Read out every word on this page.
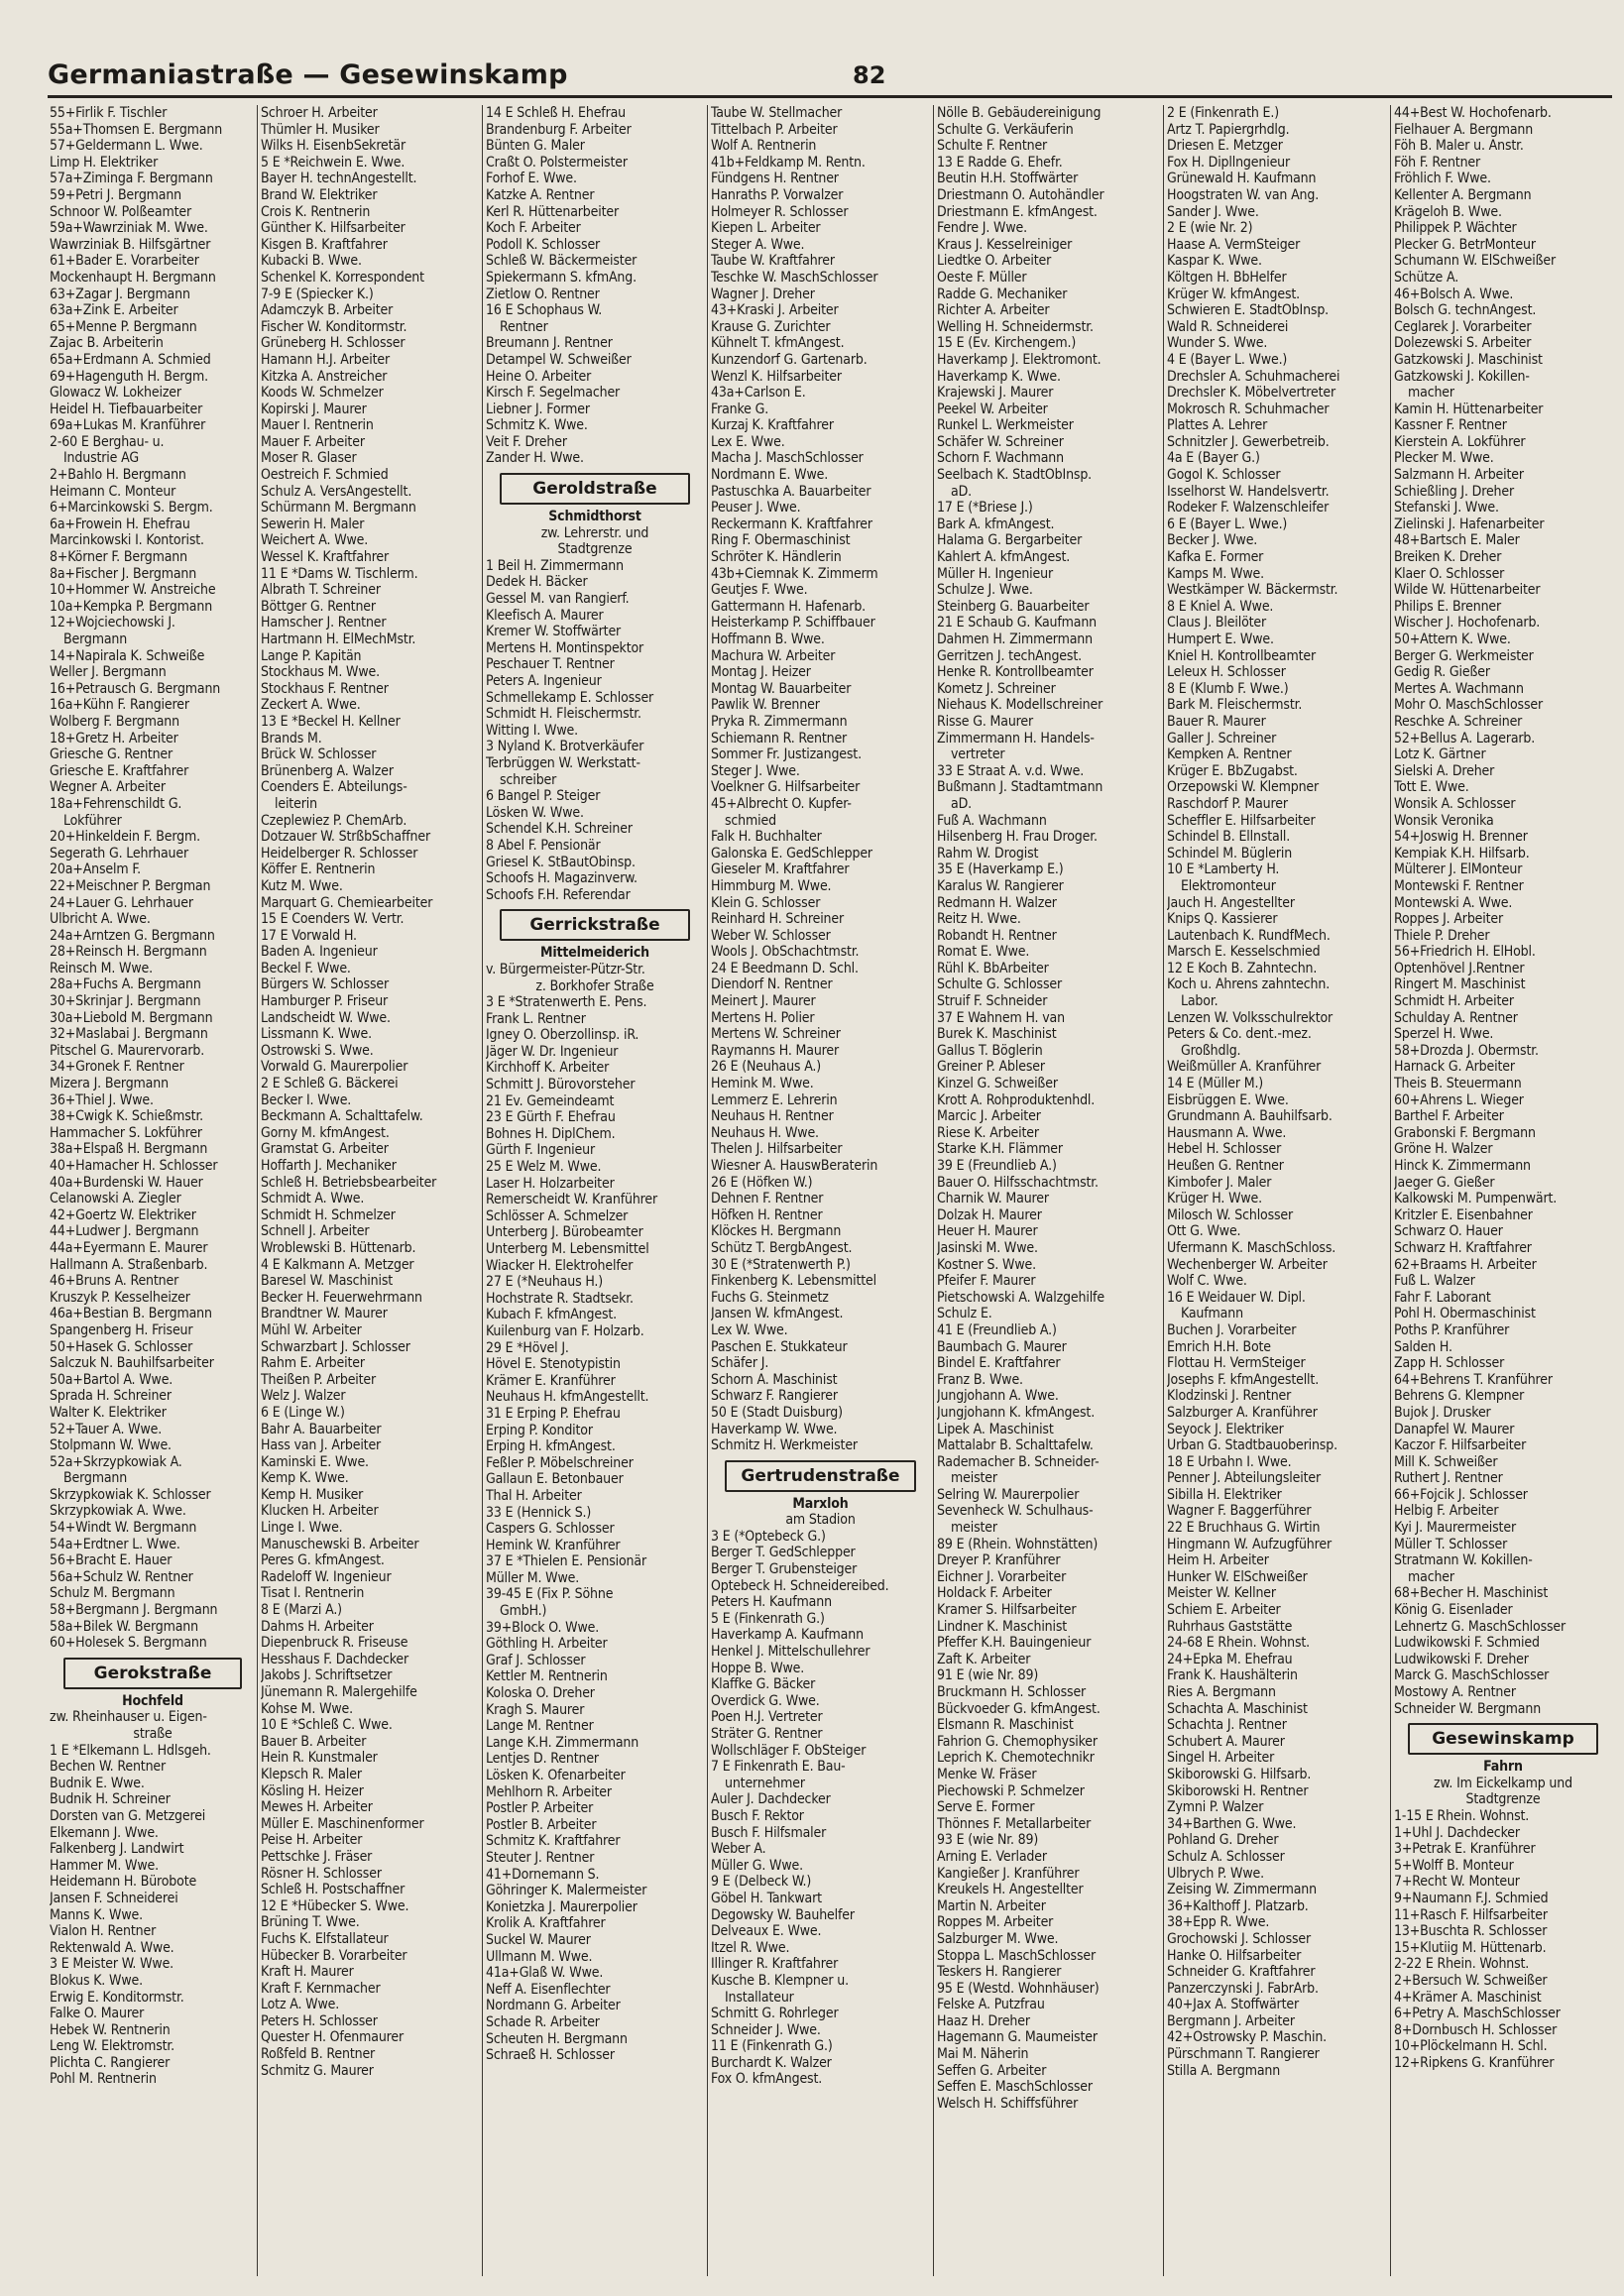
Germaniastraße — Gesewinskamp	82
55+Firlik F. Tischler
55a+Thomsen E. Bergmann
57+Geldermann L. Wwe.
Limp H. Elektriker
57a+Ziminga F. Bergmann
59+Petri J. Bergmann
Schnoor W. Polßeamter
59a+Wawrziniak M. Wwe.
Wawrziniak B. Hilfsgärtner
61+Bader E. Vorarbeiter
Mockenhaupt H. Bergmann
63+Zagar J. Bergmann
63a+Zink E. Arbeiter
65+Menne P. Bergmann
Zajac B. Arbeiterin
65a+Erdmann A. Schmied
69+Hagenguth H. Bergm.
Glowacz W. Lokheizer
Heidel H. Tiefbauarbeiter
69a+Lukas M. Kranführer
2-60 E Berghau- u.
Industrie AG
2+Bahlo H. Bergmann
Heimann C. Monteur
6+Marcinkowski S. Bergm.
6a+Frowein H. Ehefrau
Marcinkowski I. Kontorist.
8+Körner F. Bergmann
8a+Fischer J. Bergmann
10+Hommer W. Anstreiche
10a+Kempka P. Bergmann
12+Wojciechowski J.
Bergmann
14+Napirala K. Schweiße
Weller J. Bergmann
16+Petrausch G. Bergmann
16a+Kühn F. Rangierer
Wolberg F. Bergmann
18+Gretz H. Arbeiter
Griesche G. Rentner
Griesche E. Kraftfahrer
Wegner A. Arbeiter
18a+Fehrenschildt G.
Lokführer
20+Hinkeldein F. Bergm.
Segerath G. Lehrhauer
20a+Anselm F.
22+Meischner P. Bergman
24+Lauer G. Lehrhauer
Ulbricht A. Wwe.
24a+Arntzen G. Bergmann
28+Reinsch H. Bergmann
Reinsch M. Wwe.
28a+Fuchs A. Bergmann
30+Skrinjar J. Bergmann
30a+Liebold M. Bergmann
32+Maslabai J. Bergmann
Pitschel G. Maurervorarb.
34+Gronek F. Rentner
Mizera J. Bergmann
36+Thiel J. Wwe.
38+Cwigk K. Schießmstr.
Hammacher S. Lokführer
38a+Elspaß H. Bergmann
40+Hamacher H. Schlosser
40a+Burdenski W. Hauer
Celanowski A. Ziegler
42+Goertz W. Elektriker
44+Ludwer J. Bergmann
44a+Eyermann E. Maurer
Hallmann A. Straßenbarb.
46+Bruns A. Rentner
Kruszyk P. Kesselheizer
46a+Bestian B. Bergmann
Spangenberg H. Friseur
50+Hasek G. Schlosser
Salczuk N. Bauhilfsarbeiter
50a+Bartol A. Wwe.
Sprada H. Schreiner
Walter K. Elektriker
52+Tauer A. Wwe.
Stolpmann W. Wwe.
52a+Skrzypkowiak A.
Bergmann
Skrzypkowiak K. Schlosser
Skrzypkowiak A. Wwe.
54+Windt W. Bergmann
54a+Erdtner L. Wwe.
56+Bracht E. Hauer
56a+Schulz W. Rentner
Schulz M. Bergmann
58+Bergmann J. Bergmann
58a+Bilek W. Bergmann
60+Holesek S. Bergmann
Gerokstraße
Hochfeld
zw. Rheinhauser u. Eigen-
straße
1 E *Elkemann L. Hdlsgeh.
Bechen W. Rentner
Budnik E. Wwe.
Budnik H. Schreiner
Dorsten van G. Metzgerei
Elkemann J. Wwe.
Falkenberg J. Landwirt
Hammer M. Wwe.
Heidemann H. Bürobote
Jansen F. Schneiderei
Manns K. Wwe.
Vialon H. Rentner
Rektenwald A. Wwe.
3 E Meister W. Wwe.
Blokus K. Wwe.
Erwig E. Konditormstr.
Falke O. Maurer
Hebek W. Rentnerin
Leng W. Elektromstr.
Plichta C. Rangierer
Pohl M. Rentnerin
Schroer H. Arbeiter
Thümler H. Musiker
Wilks H. EisenbSekretär
5 E *Reichwein E. Wwe.
Bayer H. technAngestellt.
Brand W. Elektriker
Crois K. Rentnerin
Günther K. Hilfsarbeiter
Kisgen B. Kraftfahrer
Kubacki B. Wwe.
Schenkel K. Korrespondent
7-9 E (Spiecker K.)
Adamczyk B. Arbeiter
Fischer W. Konditormstr.
Grüneberg H. Schlosser
Hamann H.J. Arbeiter
Kitzka A. Anstreicher
Koods W. Schmelzer
Kopirski J. Maurer
Mauer I. Rentnerin
Mauer F. Arbeiter
Moser R. Glaser
Oestreich F. Schmied
Schulz A. VersAngestellt.
Schürmann M. Bergmann
Sewerin H. Maler
Weichert A. Wwe.
Wessel K. Kraftfahrer
11 E *Dams W. Tischlerm.
Albrath T. Schreiner
Böttger G. Rentner
Hamscher J. Rentner
Hartmann H. ElMechMstr.
Lange P. Kapitän
Stockhaus M. Wwe.
Stockhaus F. Rentner
Zeckert A. Wwe.
13 E *Beckel H. Kellner
Brands M.
Brück W. Schlosser
Brünenberg A. Walzer
Coenders E. Abteilungs-
leiterin
Czeplewiez P. ChemArb.
Dotzauer W. StrßbSchaffner
Heidelberger R. Schlosser
Köffer E. Rentnerin
Kutz M. Wwe.
Marquart G. Chemiearbeiter
15 E Coenders W. Vertr.
17 E Vorwald H.
Baden A. Ingenieur
Beckel F. Wwe.
Bürgers W. Schlosser
Hamburger P. Friseur
Landscheidt W. Wwe.
Lissmann K. Wwe.
Ostrowski S. Wwe.
Vorwald G. Maurerpolier
2 E Schleß G. Bäckerei
Becker I. Wwe.
Beckmann A. Schalttafelw.
Gorny M. kfmAngest.
Gramstat G. Arbeiter
Hoffarth J. Mechaniker
Schleß H. Betriebsbearbeiter
Schmidt A. Wwe.
Schmidt H. Schmelzer
Schnell J. Arbeiter
Wroblewski B. Hüttenarb.
4 E Kalkmann A. Metzger
Baresel W. Maschinist
Becker H. Feuerwehrmann
Brandtner W. Maurer
Mühl W. Arbeiter
Schwarzbart J. Schlosser
Rahm E. Arbeiter
Theißen P. Arbeiter
Welz J. Walzer
6 E (Linge W.)
Bahr A. Bauarbeiter
Hass van J. Arbeiter
Kaminski E. Wwe.
Kemp K. Wwe.
Kemp H. Musiker
Klucken H. Arbeiter
Linge I. Wwe.
Manuschewski B. Arbeiter
Peres G. kfmAngest.
Radeloff W. Ingenieur
Tisat I. Rentnerin
8 E (Marzi A.)
Dahms H. Arbeiter
Diepenbruck R. Friseuse
Hesshaus F. Dachdecker
Jakobs J. Schriftsetzer
Jünemann R. Malergehilfe
Kohse M. Wwe.
10 E *Schleß C. Wwe.
Bauer B. Arbeiter
Hein R. Kunstmaler
Klepsch R. Maler
Kösling H. Heizer
Mewes H. Arbeiter
Müller E. Maschinenformer
Peise H. Arbeiter
Pettschke J. Fräser
Rösner H. Schlosser
Schleß H. Postschaffner
12 E *Hübecker S. Wwe.
Brüning T. Wwe.
Fuchs K. Elfstallateur
Hübecker B. Vorarbeiter
Kraft H. Maurer
Kraft F. Kernmacher
Lotz A. Wwe.
Peters H. Schlosser
Quester H. Ofenmaurer
Roßfeld B. Rentner
Schmitz G. Maurer
14 E Schleß H. Ehefrau
Brandenburg F. Arbeiter
Bünten G. Maler
Craßt O. Polstermeister
Forhof E. Wwe.
Katzke A. Rentner
Kerl R. Hüttenarbeiter
Koch F. Arbeiter
Podoll K. Schlosser
Schleß W. Bäckermeister
Spiekermann S. kfmAng.
Zietlow O. Rentner
16 E Schophaus W.
Rentner
Breumann J. Rentner
Detampel W. Schweißer
Heine O. Arbeiter
Kirsch F. Segelmacher
Liebner J. Former
Schmitz K. Wwe.
Veit F. Dreher
Zander H. Wwe.
Geroldstraße
Schmidthorst
zw. Lehrerstr. und
Stadtgrenze
1 Beil H. Zimmermann
Dedek H. Bäcker
Gessel M. van Rangierf.
Kleefisch A. Maurer
Kremer W. Stoffwärter
Mertens H. Montinspektor
Peschauer T. Rentner
Peters A. Ingenieur
Schmellekamp E. Schlosser
Schmidt H. Fleischermstr.
Witting I. Wwe.
3 Nyland K. Brotverkäufer
Terbrüggen W. Werkstatt-
schreiber
6 Bangel P. Steiger
Lösken W. Wwe.
Schendel K.H. Schreiner
8 Abel F. Pensionär
Griesel K. StBautObinsp.
Schoofs H. Magazinverw.
Schoofs F.H. Referendar
Gerrickstraße
Mittelmeiderich
v. Bürgermeister-Pützr-Str.
z. Borkhofer Straße
3 E *Stratenwerth E. Pens.
Frank L. Rentner
Igney O. Oberzollinsp. iR.
Jäger W. Dr. Ingenieur
Kirchhoff K. Arbeiter
Schmitt J. Bürovorsteher
21 Ev. Gemeindeamt
23 E Gürth F. Ehefrau
Bohnes H. DiplChem.
Gürth F. Ingenieur
25 E Welz M. Wwe.
Laser H. Holzarbeiter
Remerscheidt W. Kranführer
Schlösser A. Schmelzer
Unterberg J. Bürobeamter
Unterberg M. Lebensmittel
Wiacker H. Elektrohelfer
27 E (*Neuhaus H.)
Hochstrate R. Stadtsekr.
Kubach F. kfmAngest.
Kuilenburg van F. Holzarb.
29 E *Hövel J.
Hövel E. Stenotypistin
Krämer E. Kranführer
Neuhaus H. kfmAngestellt.
31 E Erping P. Ehefrau
Erping P. Konditor
Erping H. kfmAngest.
Feßler P. Möbelschreiner
Gallaun E. Betonbauer
Thal H. Arbeiter
33 E (Hennick S.)
Caspers G. Schlosser
Hemink W. Kranführer
37 E *Thielen E. Pensionär
Müller M. Wwe.
39-45 E (Fix P. Söhne
GmbH.)
39+Block O. Wwe.
Göthling H. Arbeiter
Graf J. Schlosser
Kettler M. Rentnerin
Koloska O. Dreher
Kragh S. Maurer
Lange M. Rentner
Lange K.H. Zimmermann
Lentjes D. Rentner
Lösken K. Ofenarbeiter
Mehlhorn R. Arbeiter
Postler P. Arbeiter
Postler B. Arbeiter
Schmitz K. Kraftfahrer
Steuter J. Rentner
41+Dornemann S.
Göhringer K. Malermeister
Konietzka J. Maurerpolier
Krolik A. Kraftfahrer
Suckel W. Maurer
Ullmann M. Wwe.
41a+Glaß W. Wwe.
Neff A. Eisenflechter
Nordmann G. Arbeiter
Schade R. Arbeiter
Scheuten H. Bergmann
Schraeß H. Schlosser
Taube W. Stellmacher
Tittelbach P. Arbeiter
Wolf A. Rentnerin
41b+Feldkamp M. Rentn.
Fündgens H. Rentner
Hanraths P. Vorwalzer
Holmeyer R. Schlosser
Kiepen L. Arbeiter
Steger A. Wwe.
Taube W. Kraftfahrer
Teschke W. MaschSchlosser
Wagner J. Dreher
43+Kraski J. Arbeiter
Krause G. Zurichter
Kühnelt T. kfmAngest.
Kunzendorf G. Gartenarb.
Wenzl K. Hilfsarbeiter
43a+Carlson E.
Franke G.
Kurzaj K. Kraftfahrer
Lex E. Wwe.
Macha J. MaschSchlosser
Nordmann E. Wwe.
Pastuschka A. Bauarbeiter
Peuser J. Wwe.
Reckermann K. Kraftfahrer
Ring F. Obermaschinist
Schröter K. Händlerin
43b+Ciemnak K. Zimmerm
Geutjes F. Wwe.
Gattermann H. Hafenarb.
Heisterkamp P. Schiffbauer
Hoffmann B. Wwe.
Machura W. Arbeiter
Montag J. Heizer
Montag W. Bauarbeiter
Pawlik W. Brenner
Pryka R. Zimmermann
Schiemann R. Rentner
Sommer Fr. Justizangest.
Steger J. Wwe.
Voelkner G. Hilfsarbeiter
45+Albrecht O. Kupfer-
schmied
Falk H. Buchhalter
Galonska E. GedSchlepper
Gieseler M. Kraftfahrer
Himmburg M. Wwe.
Klein G. Schlosser
Reinhard H. Schreiner
Weber W. Schlosser
Wools J. ObSchachtmstr.
24 E Beedmann D. Schl.
Diendorf N. Rentner
Meinert J. Maurer
Mertens H. Polier
Mertens W. Schreiner
Raymanns H. Maurer
26 E (Neuhaus A.)
Hemink M. Wwe.
Lemmerz E. Lehrerin
Neuhaus H. Rentner
Neuhaus H. Wwe.
Thelen J. Hilfsarbeiter
Wiesner A. HauswBeraterin
26 E (Höfken W.)
Dehnen F. Rentner
Höfken H. Rentner
Klöckes H. Bergmann
Schütz T. BergbAngest.
30 E (*Stratenwerth P.)
Finkenberg K. Lebensmittel
Fuchs G. Steinmetz
Jansen W. kfmAngest.
Lex W. Wwe.
Paschen E. Stukkateur
Schäfer J.
Schorn A. Maschinist
Schwarz F. Rangierer
50 E (Stadt Duisburg)
Haverkamp W. Wwe.
Schmitz H. Werkmeister
Gertrudenstraße
Marxloh
am Stadion
3 E (*Optebeck G.)
Berger T. GedSchlepper
Berger T. Grubensteiger
Optebeck H. Schneidereibed.
Peters H. Kaufmann
5 E (Finkenrath G.)
Haverkamp A. Kaufmann
Henkel J. Mittelschullehrer
Hoppe B. Wwe.
Klaffke G. Bäcker
Overdick G. Wwe.
Poen H.J. Vertreter
Sträter G. Rentner
Wollschläger F. ObSteiger
7 E Finkenrath E. Bau-
unternehmer
Auler J. Dachdecker
Busch F. Rektor
Busch F. Hilfsmaler
Weber A.
Müller G. Wwe.
9 E (Delbeck W.)
Göbel H. Tankwart
Degowsky W. Bauhelfer
Delveaux E. Wwe.
Itzel R. Wwe.
Illinger R. Kraftfahrer
Kusche B. Klempner u.
Installateur
Schmitt G. Rohrleger
Schneider J. Wwe.
11 E (Finkenrath G.)
Burchardt K. Walzer
Fox O. kfmAngest.
Nölle B. Gebäudereinigung
Schulte G. Verkäuferin
Schulte F. Rentner
13 E Radde G. Ehefr.
Beutin H.H. Stoffwärter
Driestmann O. Autohändler
Driestmann E. kfmAngest.
Fendre J. Wwe.
Kraus J. Kesselreiniger
Liedtke O. Arbeiter
Oeste F. Müller
Radde G. Mechaniker
Richter A. Arbeiter
Welling H. Schneidermstr.
15 E (Ev. Kirchengem.)
Haverkamp J. Elektromont.
Haverkamp K. Wwe.
Krajewski J. Maurer
Peekel W. Arbeiter
Runkel L. Werkmeister
Schäfer W. Schreiner
Schorn F. Wachmann
Seelbach K. StadtObInsp.
aD.
17 E (*Briese J.)
Bark A. kfmAngest.
Halama G. Bergarbeiter
Kahlert A. kfmAngest.
Müller H. Ingenieur
Schulze J. Wwe.
Steinberg G. Bauarbeiter
21 E Schaub G. Kaufmann
Dahmen H. Zimmermann
Gerritzen J. techAngest.
Henke R. Kontrollbeamter
Kometz J. Schreiner
Niehaus K. Modellschreiner
Risse G. Maurer
Zimmermann H. Handels-
vertreter
33 E Straat A. v.d. Wwe.
Bußmann J. Stadtamtmann
aD.
Fuß A. Wachmann
Hilsenberg H. Frau Droger.
Rahm W. Drogist
35 E (Haverkamp E.)
Karalus W. Rangierer
Redmann H. Walzer
Reitz H. Wwe.
Robandt H. Rentner
Romat E. Wwe.
Rühl K. BbArbeiter
Schulte G. Schlosser
Struif F. Schneider
37 E Wahnem H. van
Burek K. Maschinist
Gallus T. Böglerin
Greiner P. Ableser
Kinzel G. Schweißer
Krott A. Rohproduktenhdl.
Marcic J. Arbeiter
Riese K. Arbeiter
Starke K.H. Flämmer
39 E (Freundlieb A.)
Bauer O. Hilfsschachtmstr.
Charnik W. Maurer
Dolzak H. Maurer
Heuer H. Maurer
Jasinski M. Wwe.
Kostner S. Wwe.
Pfeifer F. Maurer
Pietschowski A. Walzgehilfe
Schulz E.
41 E (Freundlieb A.)
Baumbach G. Maurer
Bindel E. Kraftfahrer
Franz B. Wwe.
Jungjohann A. Wwe.
Jungjohann K. kfmAngest.
Lipek A. Maschinist
Mattalabr B. Schalttafelw.
Rademacher B. Schneider-
meister
Selring W. Maurerpolier
Sevenheck W. Schulhaus-
meister
89 E (Rhein. Wohnstätten)
Dreyer P. Kranführer
Eichner J. Vorarbeiter
Holdack F. Arbeiter
Kramer S. Hilfsarbeiter
Lindner K. Maschinist
Pfeffer K.H. Bauingenieur
Zaft K. Arbeiter
91 E (wie Nr. 89)
Bruckmann H. Schlosser
Bückvoeder G. kfmAngest.
Elsmann R. Maschinist
Fahrion G. Chemophysiker
Leprich K. Chemotechnikr
Menke W. Fräser
Piechowski P. Schmelzer
Serve E. Former
Thönnes F. Metallarbeiter
93 E (wie Nr. 89)
Arning E. Verlader
Kangießer J. Kranführer
Kreukels H. Angestellter
Martin N. Arbeiter
Roppes M. Arbeiter
Salzburger M. Wwe.
Stoppa L. MaschSchlosser
Teskers H. Rangierer
95 E (Westd. Wohnhäuser)
Felske A. Putzfrau
Haaz H. Dreher
Hagemann G. Maumeister
Mai M. Näherin
Seffen G. Arbeiter
Seffen E. MaschSchlosser
Welsch H. Schiffsführer
2 E (Finkenrath E.)
Artz T. Papiergrhdlg.
Driesen E. Metzger
Fox H. Dipllngenieur
Grünewald H. Kaufmann
Hoogstraten W. van Ang.
Sander J. Wwe.
2 E (wie Nr. 2)
Haase A. VermSteiger
Kaspar K. Wwe.
Költgen H. BbHelfer
Krüger W. kfmAngest.
Schwieren E. StadtObInsp.
Wald R. Schneiderei
Wunder S. Wwe.
4 E (Bayer L. Wwe.)
Drechsler A. Schuhmacherei
Drechsler K. Möbelvertreter
Mokrosch R. Schuhmacher
Plattes A. Lehrer
Schnitzler J. Gewerbetreib.
4a E (Bayer G.)
Gogol K. Schlosser
Isselhorst W. Handelsvertr.
Rodeker F. Walzenschleifer
6 E (Bayer L. Wwe.)
Becker J. Wwe.
Kafka E. Former
Kamps M. Wwe.
Westkämper W. Bäckermstr.
8 E Kniel A. Wwe.
Claus J. Bleilöter
Humpert E. Wwe.
Kniel H. Kontrollbeamter
Leleux H. Schlosser
8 E (Klumb F. Wwe.)
Bark M. Fleischermstr.
Bauer R. Maurer
Galler J. Schreiner
Kempken A. Rentner
Krüger E. BbZugabst.
Orzepowski W. Klempner
Raschdorf P. Maurer
Scheffler E. Hilfsarbeiter
Schindel B. Ellnstall.
Schindel M. Büglerin
10 E *Lamberty H.
Elektromonteur
Jauch H. Angestellter
Knips Q. Kassierer
Lautenbach K. RundfMech.
Marsch E. Kesselschmied
12 E Koch B. Zahntechn.
Koch u. Ahrens zahntechn.
Labor.
Lenzen W. Volksschulrektor
Peters & Co. dent.-mez.
Großhdlg.
Weißmüller A. Kranführer
14 E (Müller M.)
Eisbrüggen E. Wwe.
Grundmann A. Bauhilfsarb.
Hausmann A. Wwe.
Hebel H. Schlosser
Heußen G. Rentner
Kimbofer J. Maler
Krüger H. Wwe.
Milosch W. Schlosser
Ott G. Wwe.
Ufermann K. MaschSchloss.
Wechenberger W. Arbeiter
Wolf C. Wwe.
16 E Weidauer W. Dipl.
Kaufmann
Buchen J. Vorarbeiter
Emrich H.H. Bote
Flottau H. VermSteiger
Josephs F. kfmAngestellt.
Klodzinski J. Rentner
Salzburger A. Kranführer
Seyock J. Elektriker
Urban G. Stadtbauoberinsp.
18 E Urbahn I. Wwe.
Penner J. Abteilungsleiter
Sibilla H. Elektriker
Wagner F. Baggerführer
22 E Bruchhaus G. Wirtin
Hingmann W. Aufzugführer
Heim H. Arbeiter
Hunker W. ElSchweißer
Meister W. Kellner
Schiem E. Arbeiter
Ruhrhaus Gaststätte
24-68 E Rhein. Wohnst.
24+Epka M. Ehefrau
Frank K. Haushälterin
Ries A. Bergmann
Schachta A. Maschinist
Schachta J. Rentner
Schubert A. Maurer
Singel H. Arbeiter
Skiborowski G. Hilfsarb.
Skiborowski H. Rentner
Zymni P. Walzer
34+Barthen G. Wwe.
Pohland G. Dreher
Schulz A. Schlosser
Ulbrych P. Wwe.
Zeising W. Zimmermann
36+Kalthoff J. Platzarb.
38+Epp R. Wwe.
Grochowski J. Schlosser
Hanke O. Hilfsarbeiter
Schneider G. Kraftfahrer
Panzerczynski J. FabrArb.
40+Jax A. Stoffwärter
Bergmann J. Arbeiter
42+Ostrowsky P. Maschin.
Pürschmann T. Rangierer
Stilla A. Bergmann
44+Best W. Hochofenarb.
Fielhauer A. Bergmann
Föh B. Maler u. Anstr.
Föh F. Rentner
Fröhlich F. Wwe.
Kellenter A. Bergmann
Krägeloh B. Wwe.
Philippek P. Wächter
Plecker G. BetrMonteur
Schumann W. ElSchweißer
Schütze A.
46+Bolsch A. Wwe.
Bolsch G. technAngest.
Ceglarek J. Vorarbeiter
Dolezewski S. Arbeiter
Gatzkowski J. Maschinist
Gatzkowski J. Kokillen-
macher
Kamin H. Hüttenarbeiter
Kassner F. Rentner
Kierstein A. Lokführer
Plecker M. Wwe.
Salzmann H. Arbeiter
Schießling J. Dreher
Stefanski J. Wwe.
Zielinski J. Hafenarbeiter
48+Bartsch E. Maler
Breiken K. Dreher
Klaer O. Schlosser
Wilde W. Hüttenarbeiter
Philips E. Brenner
Wischer J. Hochofenarb.
50+Attern K. Wwe.
Berger G. Werkmeister
Gedig R. Gießer
Mertes A. Wachmann
Mohr O. MaschSchlosser
Reschke A. Schreiner
52+Bellus A. Lagerarb.
Lotz K. Gärtner
Sielski A. Dreher
Tott E. Wwe.
Wonsik A. Schlosser
Wonsik Veronika
54+Joswig H. Brenner
Kempiak K.H. Hilfsarb.
Mülterer J. ElMonteur
Montewski F. Rentner
Montewski A. Wwe.
Roppes J. Arbeiter
Thiele P. Dreher
56+Friedrich H. ElHobl.
Optenhövel J.Rentner
Ringert M. Maschinist
Schmidt H. Arbeiter
Schulday A. Rentner
Sperzel H. Wwe.
58+Drozda J. Obermstr.
Harnack G. Arbeiter
Theis B. Steuermann
60+Ahrens L. Wieger
Barthel F. Arbeiter
Grabonski F. Bergmann
Gröne H. Walzer
Hinck K. Zimmermann
Jaeger G. Gießer
Kalkowski M. Pumpenwärt.
Kritzler E. Eisenbahner
Schwarz O. Hauer
Schwarz H. Kraftfahrer
62+Braams H. Arbeiter
Fuß L. Walzer
Fahr F. Laborant
Pohl H. Obermaschinist
Poths P. Kranführer
Salden H.
Zapp H. Schlosser
64+Behrens T. Kranführer
Behrens G. Klempner
Bujok J. Drusker
Danapfel W. Maurer
Kaczor F. Hilfsarbeiter
Mill K. Schweißer
Ruthert J. Rentner
66+Fojcik J. Schlosser
Helbig F. Arbeiter
Kyi J. Maurermeister
Müller T. Schlosser
Stratmann W. Kokillen-
macher
68+Becher H. Maschinist
König G. Eisenlader
Lehnertz G. MaschSchlosser
Ludwikowski F. Schmied
Ludwikowski F. Dreher
Marck G. MaschSchlosser
Mostowy A. Rentner
Schneider W. Bergmann
Gesewinskamp
Fahrn
zw. Im Eickelkamp und
Stadtgrenze
1-15 E Rhein. Wohnst.
1+Uhl J. Dachdecker
3+Petrak E. Kranführer
5+Wolff B. Monteur
7+Recht W. Monteur
9+Naumann F.J. Schmied
11+Rasch F. Hilfsarbeiter
13+Buschta R. Schlosser
15+Klutiig M. Hüttenarb.
2-22 E Rhein. Wohnst.
2+Bersuch W. Schweißer
4+Krämer A. Maschinist
6+Petry A. MaschSchlosser
8+Dornbusch H. Schlosser
10+Plöckelmann H. Schl.
12+Ripkens G. Kranführer
